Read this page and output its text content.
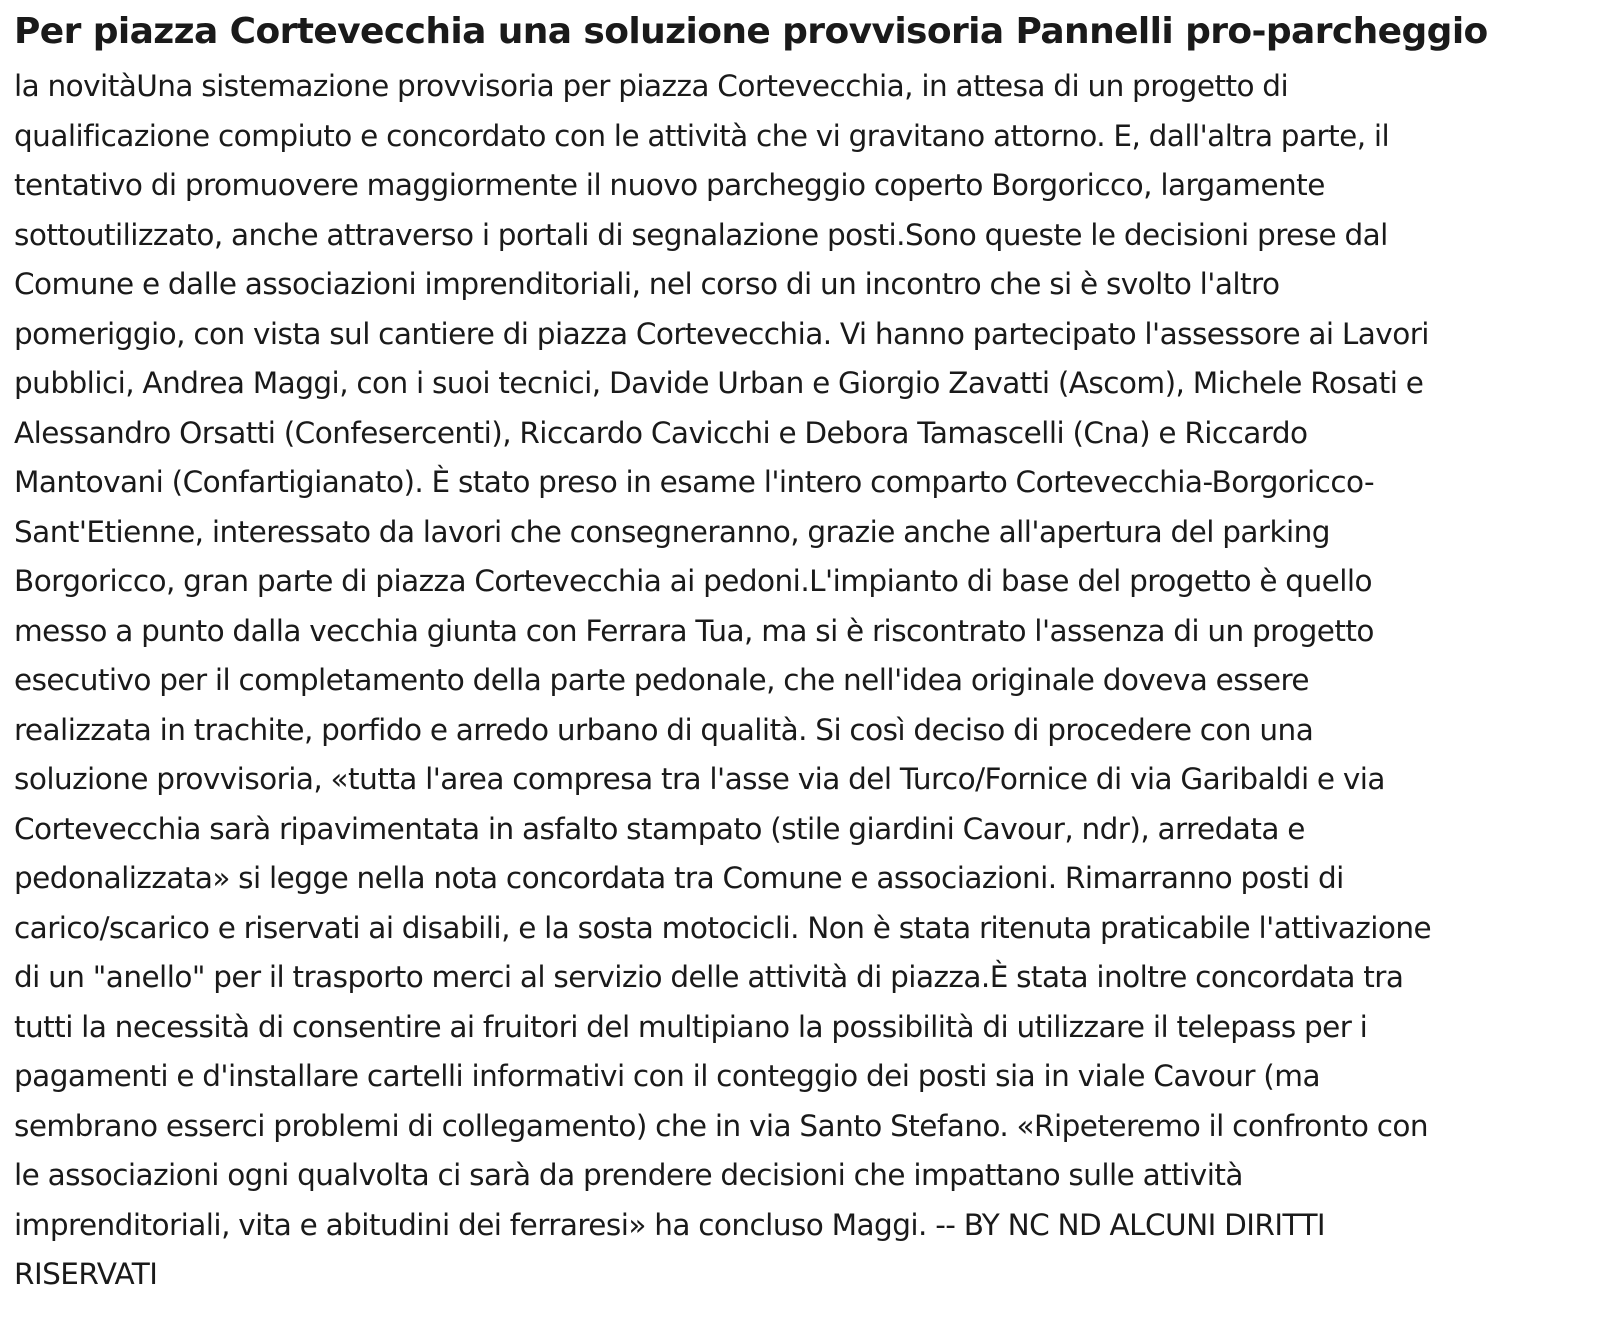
Per piazza Cortevecchia una soluzione provvisoria Pannelli pro-parcheggio

la novitàUna sistemazione provvisoria per piazza Cortevecchia, in attesa di un progetto di
qualificazione compiuto e concordato con le attività che vi gravitano attorno. E, dall'altra parte, il
tentativo di promuovere maggiormente il nuovo parcheggio coperto Borgoricco, largamente
sottoutilizzato, anche attraverso i portali di segnalazione posti.Sono queste le decisioni prese dal
Comune e dalle associazioni imprenditoriali, nel corso di un incontro che si è svolto l'altro
pomeriggio, con vista sul cantiere di piazza Cortevecchia. Vi hanno partecipato l'assessore ai Lavori
pubblici, Andrea Maggi, con i suoi tecnici, Davide Urban e Giorgio Zavatti (Ascom), Michele Rosati e
Alessandro Orsatti (Confesercenti), Riccardo Cavicchi e Debora Tamascelli (Cna) e Riccardo
Mantovani (Confartigianato). È stato preso in esame l'intero comparto Cortevecchia-Borgoricco-
Sant'Etienne, interessato da lavori che consegneranno, grazie anche all'apertura del parking
Borgoricco, gran parte di piazza Cortevecchia ai pedoni.L'impianto di base del progetto è quello
messo a punto dalla vecchia giunta con Ferrara Tua, ma si è riscontrato l'assenza di un progetto
esecutivo per il completamento della parte pedonale, che nell'idea originale doveva essere
realizzata in trachite, porfido e arredo urbano di qualità. Si così deciso di procedere con una
soluzione provvisoria, «tutta l'area compresa tra l'asse via del Turco/Fornice di via Garibaldi e via
Cortevecchia sarà ripavimentata in asfalto stampato (stile giardini Cavour, ndr), arredata e
pedonalizzata» si legge nella nota concordata tra Comune e associazioni. Rimarranno posti di
carico/scarico e riservati ai disabili, e la sosta motocicli. Non è stata ritenuta praticabile l'attivazione
di un "anello" per il trasporto merci al servizio delle attività di piazza.È stata inoltre concordata tra
tutti la necessità di consentire ai fruitori del multipiano la possibilità di utilizzare il telepass per i
pagamenti e d'installare cartelli informativi con il conteggio dei posti sia in viale Cavour (ma
sembrano esserci problemi di collegamento) che in via Santo Stefano. «Ripeteremo il confronto con
le associazioni ogni qualvolta ci sarà da prendere decisioni che impattano sulle attività
imprenditoriali, vita e abitudini dei ferraresi» ha concluso Maggi. -- BY NC ND ALCUNI DIRITTI
RISERVATI
